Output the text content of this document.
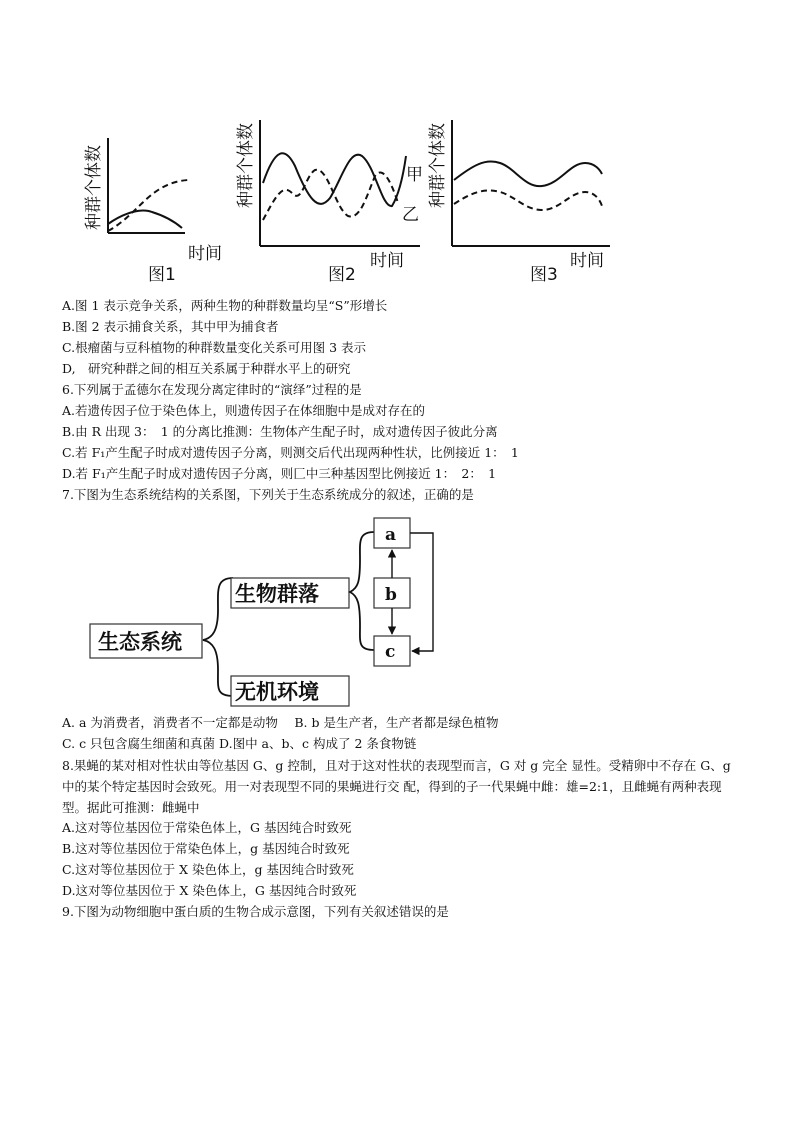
种群个体数
时间
图1
种群个体数	甲
乙
时间
图2
种群个体数
时间
图3
A.图 1 表示竞争关系，两种生物的种群数量均呈“S”形增长
B.图 2 表示捕食关系，其中甲为捕食者
C.根瘤菌与豆科植物的种群数量变化关系可用图 3 表示
D,　研究种群之间的相互关系属于种群水平上的研究
6.下列属于孟德尔在发现分离定律时的“演绎”过程的是
A.若遗传因子位于染色体上，则遗传因子在体细胞中是成对存在的
B.由 R 出现 3：　1 的分离比推测：生物体产生配子时，成对遗传因子彼此分离
C.若 F₁产生配子时成对遗传因子分离，则测交后代出现两种性状，比例接近 1：　1
D.若 F₁产生配子时成对遗传因子分离，则匚中三种基因型比例接近 1：　2：　1
7.下图为生态系统结构的关系图，下列关于生态系统成分的叙述，正确的是
生态系统
生物群落
无机环境
a
b
c
A. a 为消费者，消费者不一定都是动物　 B. b 是生产者，生产者都是绿色植物
C. c 只包含腐生细菌和真菌 D.图中 a、b、c 构成了 2 条食物链
8.果蝇的某对相对性状由等位基因 G、g 控制，且对于这对性状的表现型而言，G 对 g 完全 显性。受精卵中不存在 G、g 中的某个特定基因时会致死。用一对表现型不同的果蝇进行交 配，得到的子一代果蝇中雌：雄=2:1，且雌蝇有两种表现型。据此可推测：雌蝇中
A.这对等位基因位于常染色体上，G 基因纯合时致死
B.这对等位基因位于常染色体上，g 基因纯合时致死
C.这对等位基因位于 X 染色体上，g 基因纯合时致死
D.这对等位基因位于 X 染色体上，G 基因纯合时致死
9.下图为动物细胞中蛋白质的生物合成示意图，下列有关叙述错误的是
